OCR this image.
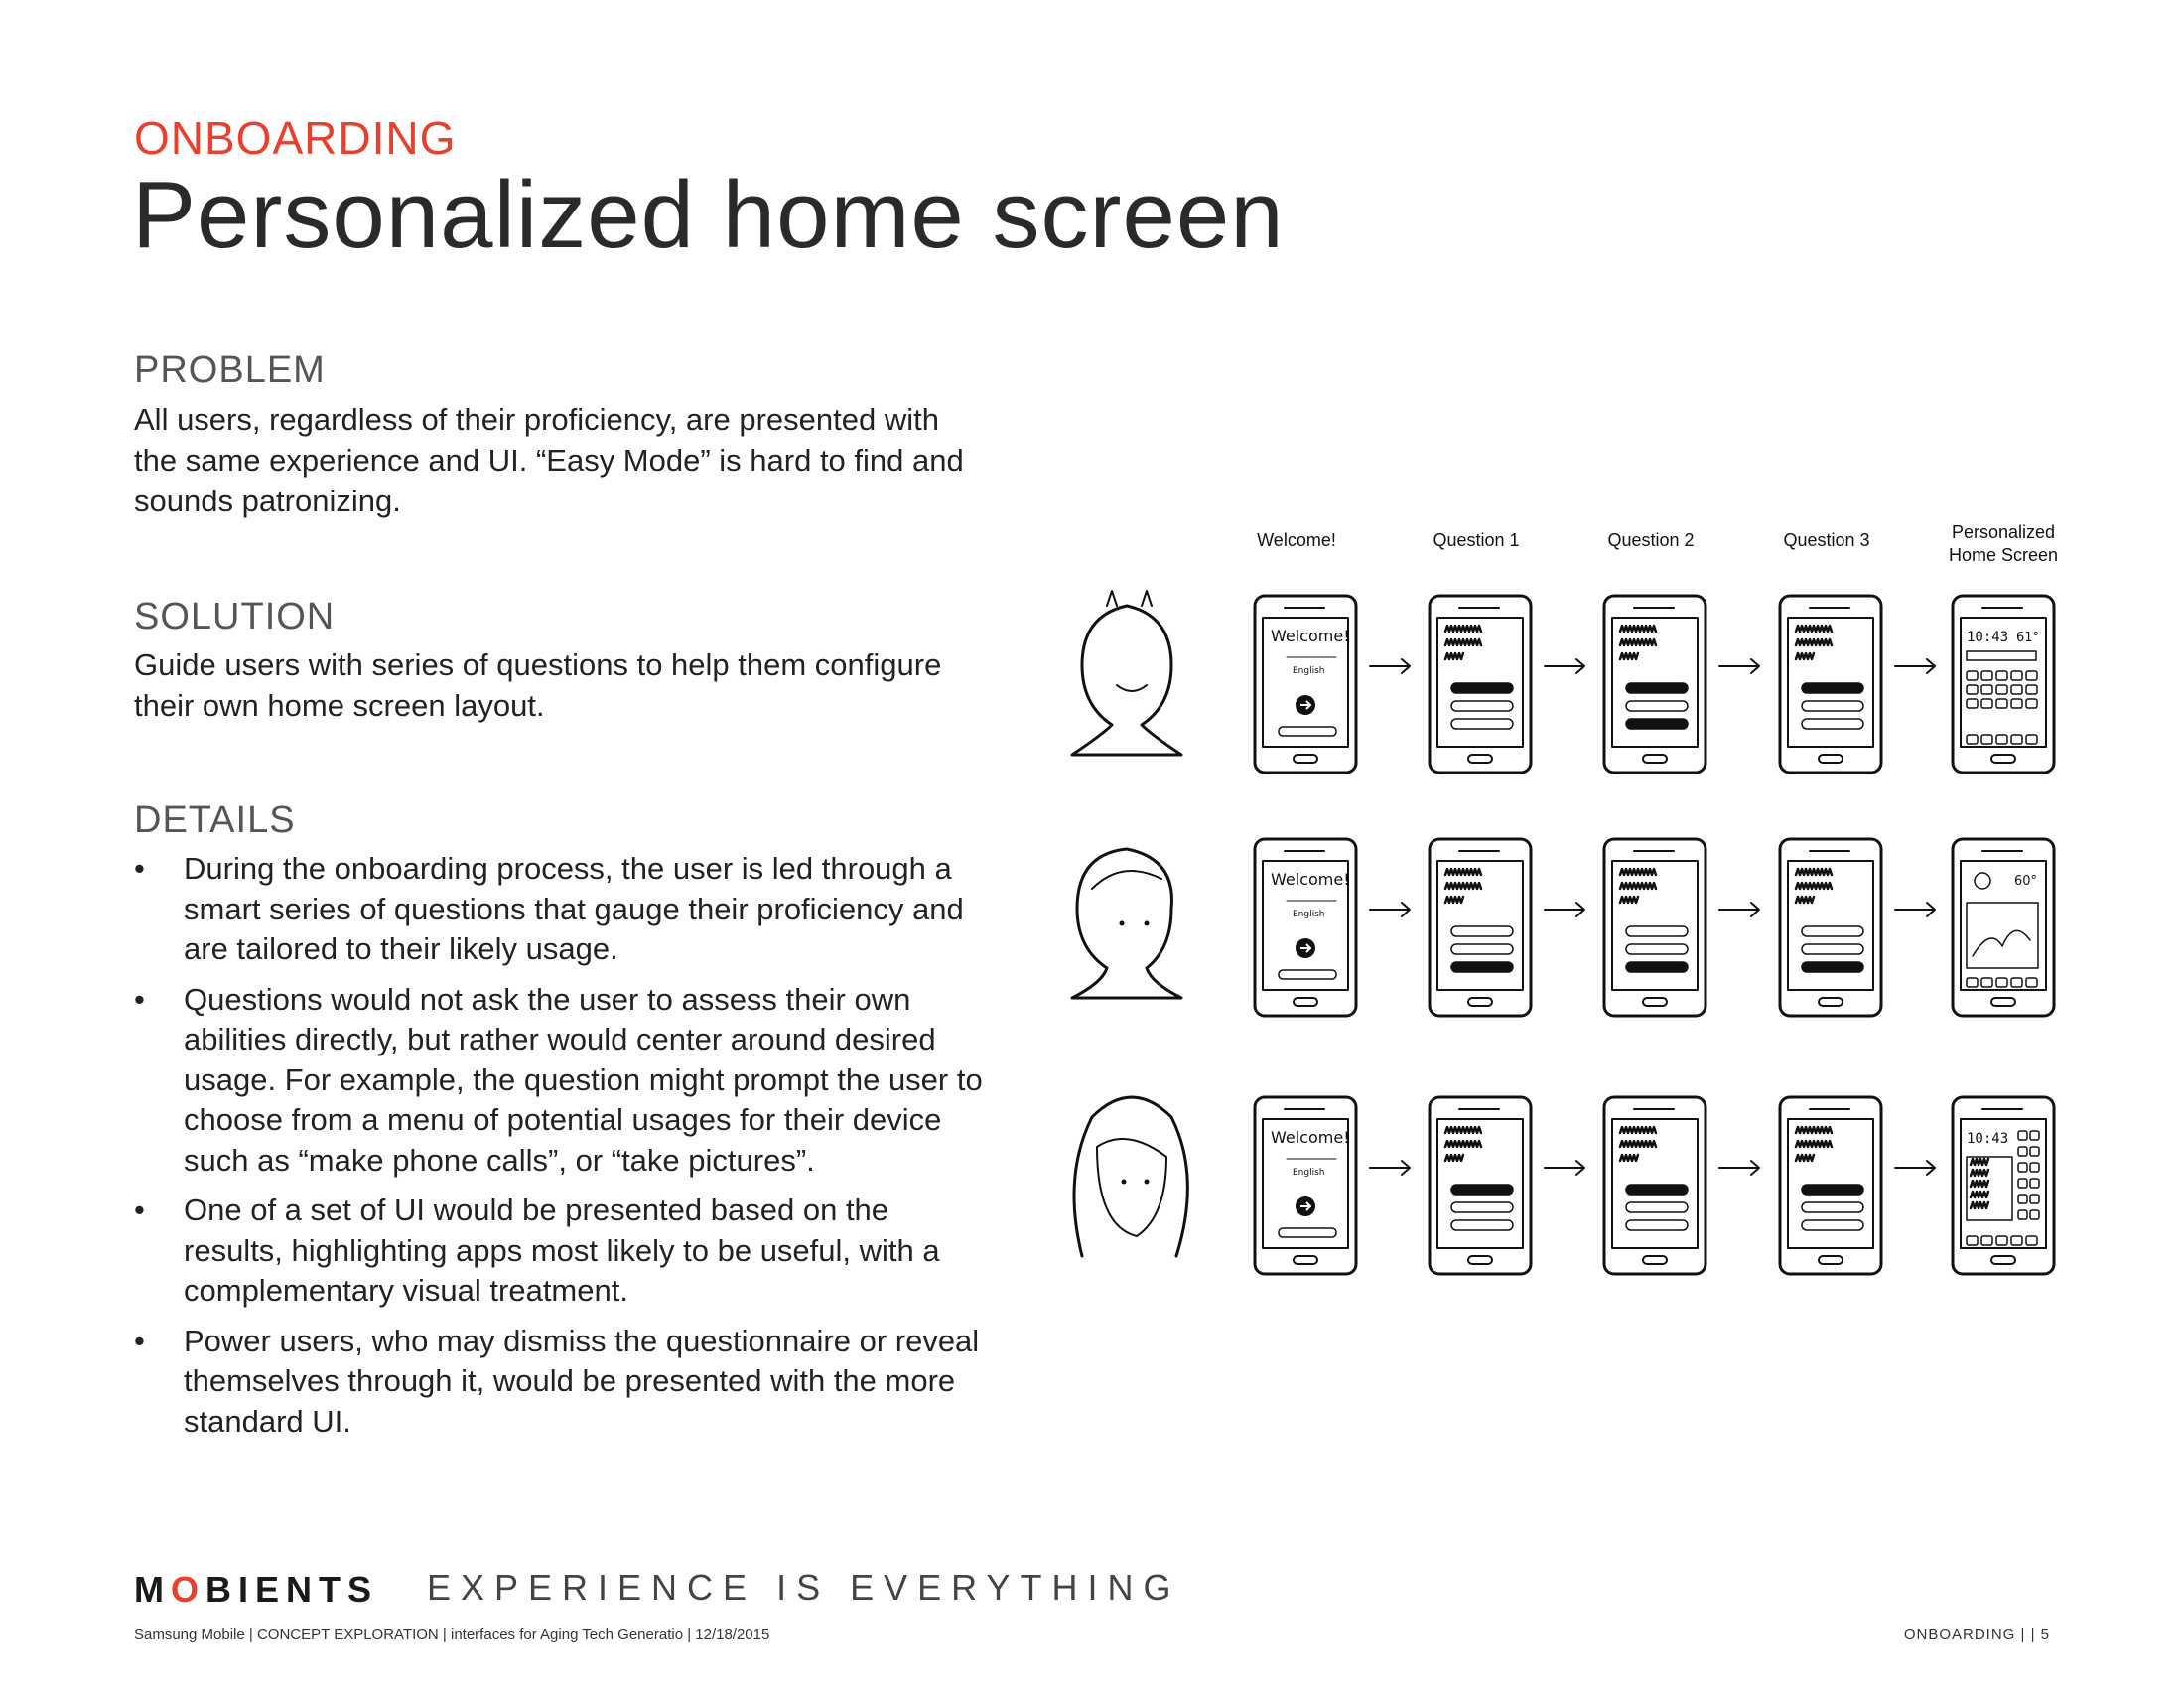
ONBOARDING
Personalized home screen
PROBLEM
All users, regardless of their proficiency, are presented with the same experience and UI. “Easy Mode” is hard to find and sounds patronizing.
SOLUTION
Guide users with series of questions to help them configure their own home screen layout.
DETAILS
• During the onboarding process, the user is led through a smart series of questions that gauge their proficiency and are tailored to their likely usage.
• Questions would not ask the user to assess their own abilities directly, but rather would center around desired usage. For example, the question might prompt the user to choose from a menu of potential usages for their device such as “make phone calls”, or “take pictures”.
• One of a set of UI would be presented based on the results, highlighting apps most likely to be useful, with a complementary visual treatment.
• Power users, who may dismiss the questionnaire or reveal themselves through it, would be presented with the more standard UI.
Welcome!	Question 1	Question 2	Question 3	Personalized
Home Screen
Welcome!
English
10:43 61°
Welcome!
English
60°
Welcome!
English
10:43
MOBIENTS EXPERIENCE IS EVERYTHING
Samsung Mobile | CONCEPT EXPLORATION | interfaces for Aging Tech Generatio | 12/18/2015	ONBOARDING | | 5
